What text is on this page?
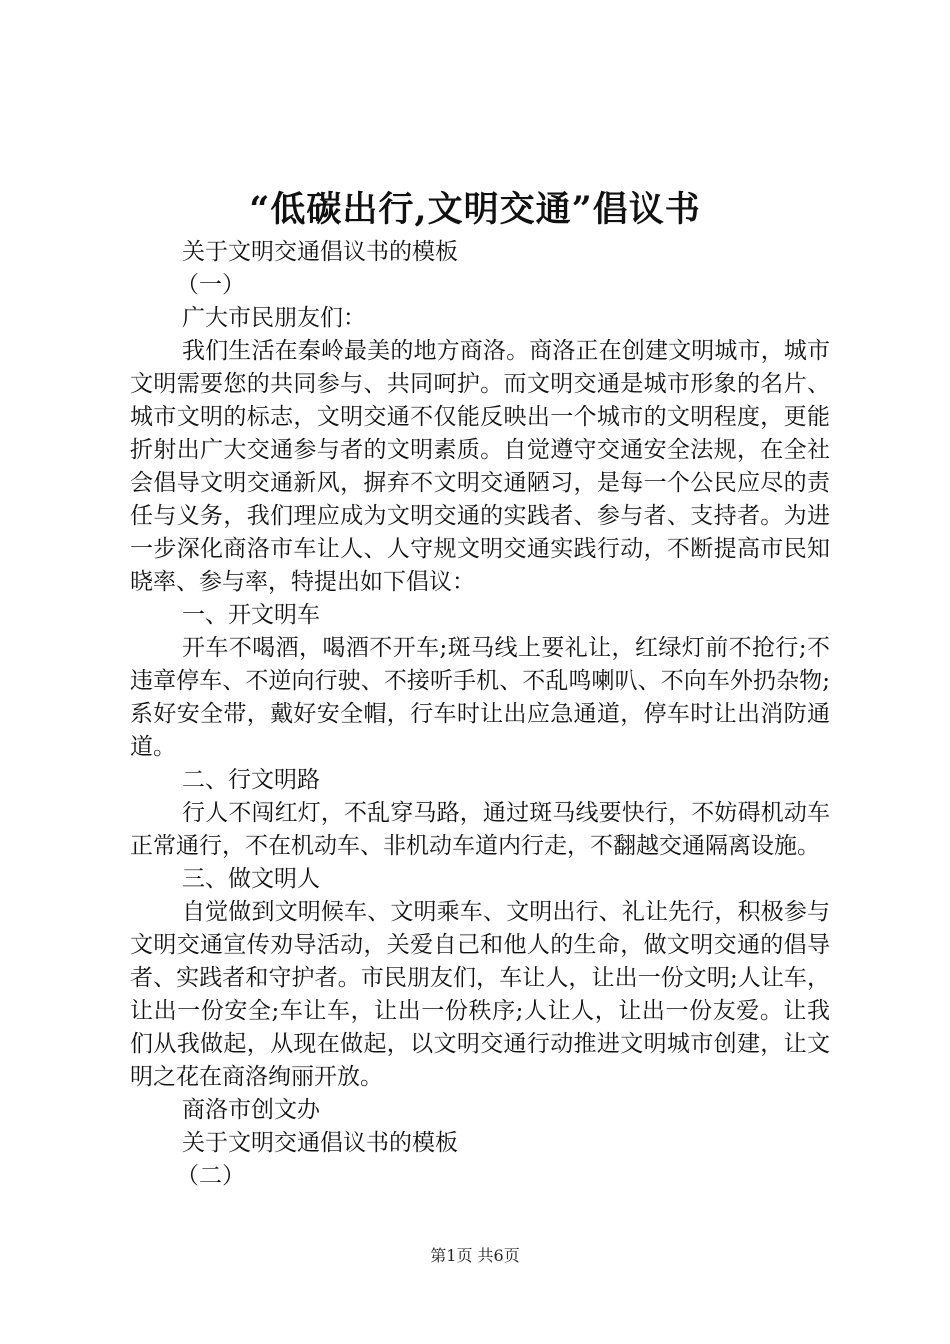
“低碳出行,文明交通”倡议书

关于文明交通倡议书的模板

（一）

广大市民朋友们：

我们生活在秦岭最美的地方商洛。商洛正在创建文明城市，城市文明需要您的共同参与、共同呵护。而文明交通是城市形象的名片、城市文明的标志，文明交通不仅能反映出一个城市的文明程度，更能折射出广大交通参与者的文明素质。自觉遵守交通安全法规，在全社会倡导文明交通新风，摒弃不文明交通陋习，是每一个公民应尽的责任与义务，我们理应成为文明交通的实践者、参与者、支持者。为进一步深化商洛市车让人、人守规文明交通实践行动，不断提高市民知晓率、参与率，特提出如下倡议：

一、开文明车

开车不喝酒，喝酒不开车;斑马线上要礼让，红绿灯前不抢行;不违章停车、不逆向行驶、不接听手机、不乱鸣喇叭、不向车外扔杂物;系好安全带，戴好安全帽，行车时让出应急通道，停车时让出消防通道。

二、行文明路

行人不闯红灯，不乱穿马路，通过斑马线要快行，不妨碍机动车正常通行，不在机动车、非机动车道内行走，不翻越交通隔离设施。

三、做文明人

自觉做到文明候车、文明乘车、文明出行、礼让先行，积极参与文明交通宣传劝导活动，关爱自己和他人的生命，做文明交通的倡导者、实践者和守护者。市民朋友们，车让人，让出一份文明;人让车，让出一份安全;车让车，让出一份秩序;人让人，让出一份友爱。让我们从我做起，从现在做起，以文明交通行动推进文明城市创建，让文明之花在商洛绚丽开放。

商洛市创文办

关于文明交通倡议书的模板

（二）

第1页 共6页
